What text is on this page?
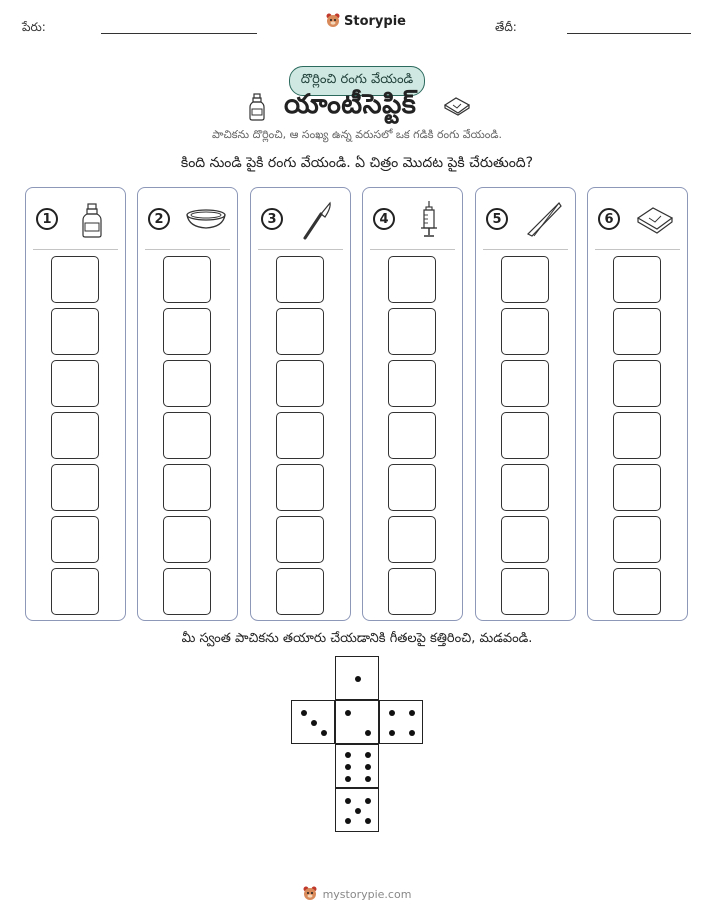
పేరు:	Storypie	తేదీ:
దొర్లించి రంగు వేయండి
యాంటీసెప్టిక్
పాచికను దొర్లించి, ఆ సంఖ్య ఉన్న వరుసలో ఒక గడికి రంగు వేయండి.
కింది నుండి పైకి రంగు వేయండి. ఏ చిత్రం మొదట పైకి చేరుతుంది?
1	2	3	4	5	6
మీ స్వంత పాచికను తయారు చేయడానికి గీతలపై కత్తిరించి, మడవండి.
mystorypie.com
